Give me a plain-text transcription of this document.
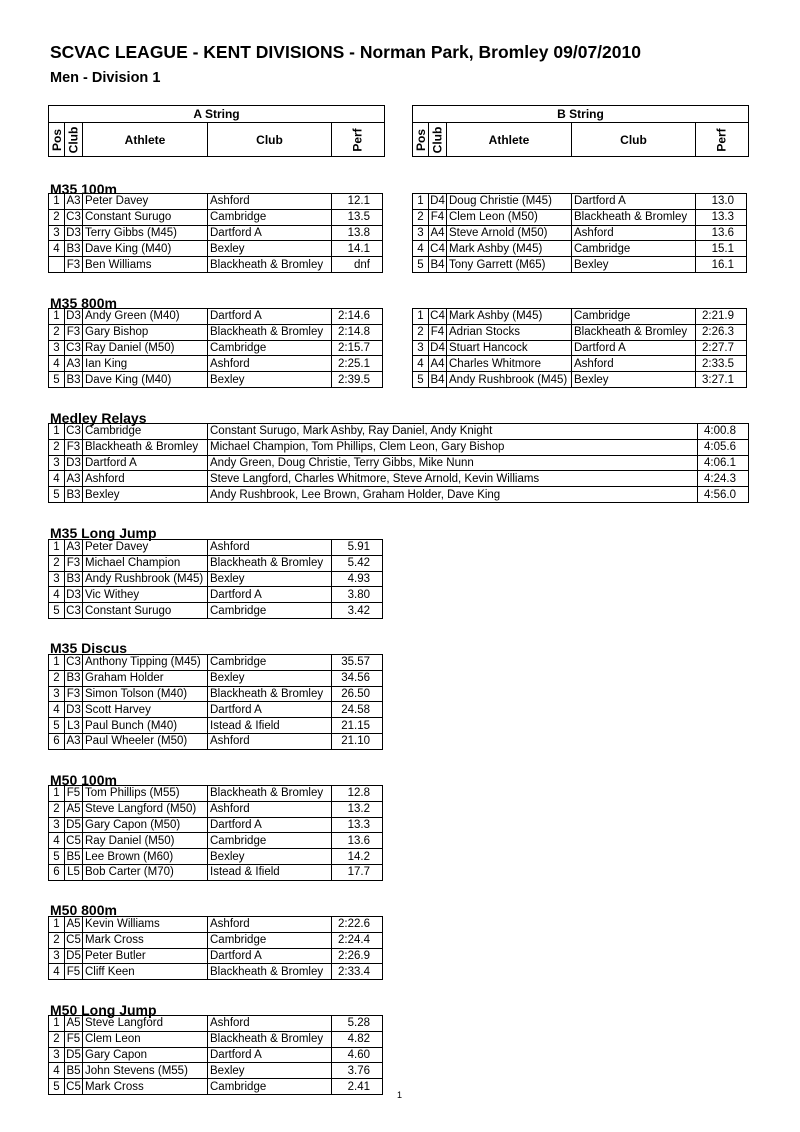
SCVAC LEAGUE - KENT DIVISIONS - Norman Park, Bromley 09/07/2010
Men - Division 1
A String
Pos Club	Athlete	Club	Perf
B String
Pos Club	Athlete	Club	Perf
M35 100m
1	A3	Peter Davey	Ashford	12.1
2	C3	Constant Surugo	Cambridge	13.5
3	D3	Terry Gibbs (M45)	Dartford A	13.8
4	B3	Dave King (M40)	Bexley	14.1
	F3	Ben Williams	Blackheath & Bromley	dnf
1	D4	Doug Christie (M45)	Dartford A	13.0
2	F4	Clem Leon (M50)	Blackheath & Bromley	13.3
3	A4	Steve Arnold (M50)	Ashford	13.6
4	C4	Mark Ashby (M45)	Cambridge	15.1
5	B4	Tony Garrett (M65)	Bexley	16.1
M35 800m
1	D3	Andy Green (M40)	Dartford A	2:14.6
2	F3	Gary Bishop	Blackheath & Bromley	2:14.8
3	C3	Ray Daniel (M50)	Cambridge	2:15.7
4	A3	Ian King	Ashford	2:25.1
5	B3	Dave King (M40)	Bexley	2:39.5
1	C4	Mark Ashby (M45)	Cambridge	2:21.9
2	F4	Adrian Stocks	Blackheath & Bromley	2:26.3
3	D4	Stuart Hancock	Dartford A	2:27.7
4	A4	Charles Whitmore	Ashford	2:33.5
5	B4	Andy Rushbrook (M45)	Bexley	3:27.1
Medley Relays
1	C3	Cambridge	Constant Surugo, Mark Ashby, Ray Daniel, Andy Knight	4:00.8
2	F3	Blackheath & Bromley	Michael Champion, Tom Phillips, Clem Leon, Gary Bishop	4:05.6
3	D3	Dartford A	Andy Green, Doug Christie, Terry Gibbs, Mike Nunn	4:06.1
4	A3	Ashford	Steve Langford, Charles Whitmore, Steve Arnold, Kevin Williams	4:24.3
5	B3	Bexley	Andy Rushbrook, Lee Brown, Graham Holder, Dave King	4:56.0
M35 Long Jump
1	A3	Peter Davey	Ashford	5.91
2	F3	Michael Champion	Blackheath & Bromley	5.42
3	B3	Andy Rushbrook (M45)	Bexley	4.93
4	D3	Vic Withey	Dartford A	3.80
5	C3	Constant Surugo	Cambridge	3.42
M35 Discus
1	C3	Anthony Tipping (M45)	Cambridge	35.57
2	B3	Graham Holder	Bexley	34.56
3	F3	Simon Tolson (M40)	Blackheath & Bromley	26.50
4	D3	Scott Harvey	Dartford A	24.58
5	L3	Paul Bunch (M40)	Istead & Ifield	21.15
6	A3	Paul Wheeler (M50)	Ashford	21.10
M50 100m
1	F5	Tom Phillips (M55)	Blackheath & Bromley	12.8
2	A5	Steve Langford (M50)	Ashford	13.2
3	D5	Gary Capon (M50)	Dartford A	13.3
4	C5	Ray Daniel (M50)	Cambridge	13.6
5	B5	Lee Brown (M60)	Bexley	14.2
6	L5	Bob Carter (M70)	Istead & Ifield	17.7
M50 800m
1	A5	Kevin Williams	Ashford	2:22.6
2	C5	Mark Cross	Cambridge	2:24.4
3	D5	Peter Butler	Dartford A	2:26.9
4	F5	Cliff Keen	Blackheath & Bromley	2:33.4
M50 Long Jump
1	A5	Steve Langford	Ashford	5.28
2	F5	Clem Leon	Blackheath & Bromley	4.82
3	D5	Gary Capon	Dartford A	4.60
4	B5	John Stevens (M55)	Bexley	3.76
5	C5	Mark Cross	Cambridge	2.41
1
